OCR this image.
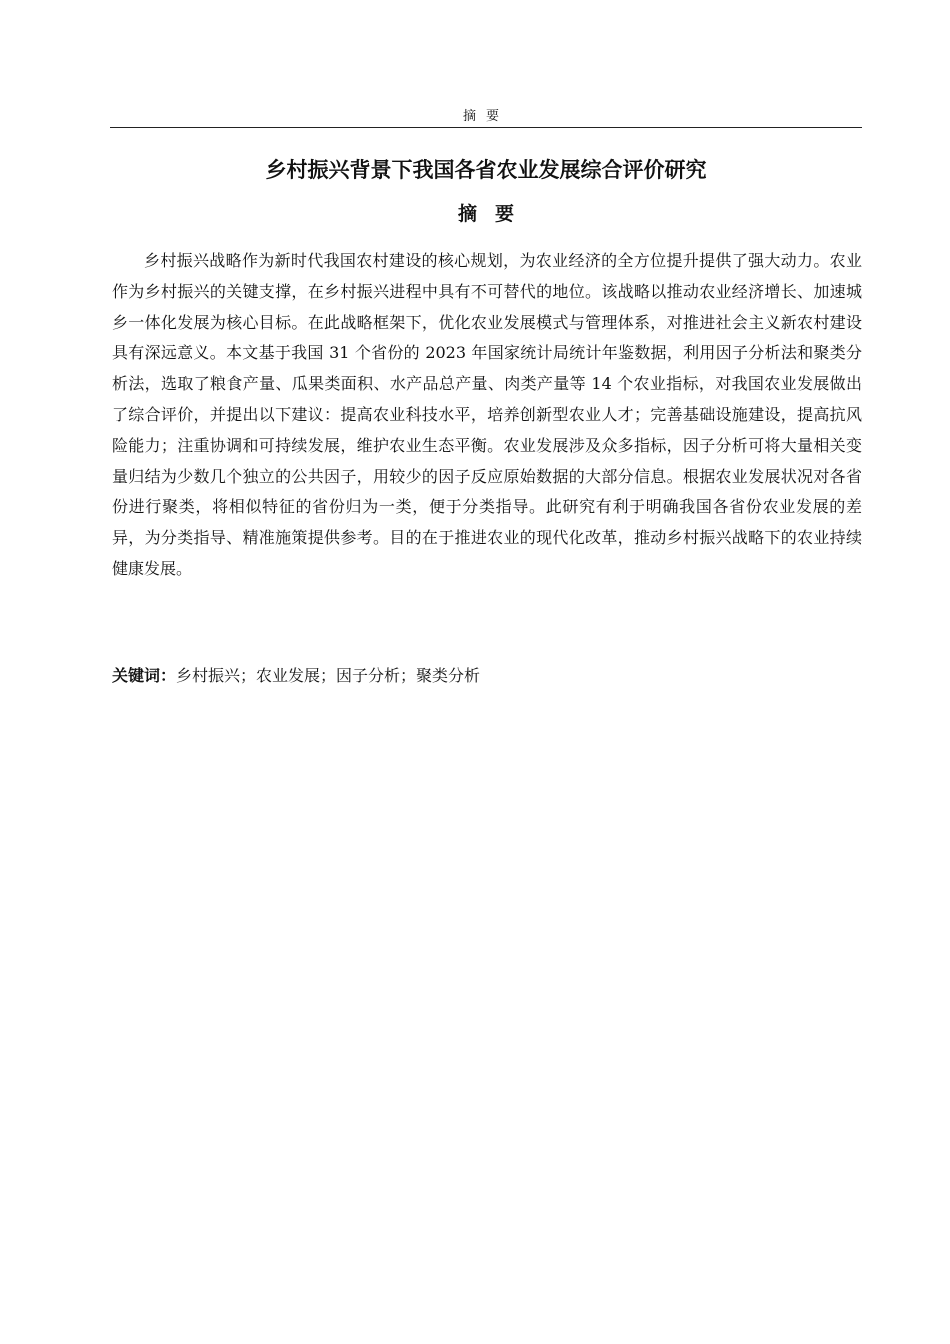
摘要
乡村振兴背景下我国各省农业发展综合评价研究
摘要

乡村振兴战略作为新时代我国农村建设的核心规划，为农业经济的全方位提升提供了强大动力。农业作为乡村振兴的关键支撑，在乡村振兴进程中具有不可替代的地位。该战略以推动农业经济增长、加速城乡一体化发展为核心目标。在此战略框架下，优化农业发展模式与管理体系，对推进社会主义新农村建设具有深远意义。本文基于我国 31 个省份的 2023 年国家统计局统计年鉴数据，利用因子分析法和聚类分析法，选取了粮食产量、瓜果类面积、水产品总产量、肉类产量等 14 个农业指标，对我国农业发展做出了综合评价，并提出以下建议：提高农业科技水平，培养创新型农业人才；完善基础设施建设，提高抗风险能力；注重协调和可持续发展，维护农业生态平衡。农业发展涉及众多指标，因子分析可将大量相关变量归结为少数几个独立的公共因子，用较少的因子反应原始数据的大部分信息。根据农业发展状况对各省份进行聚类，将相似特征的省份归为一类，便于分类指导。此研究有利于明确我国各省份农业发展的差异，为分类指导、精准施策提供参考。目的在于推进农业的现代化改革，推动乡村振兴战略下的农业持续健康发展。

关键词：乡村振兴；农业发展；因子分析；聚类分析
